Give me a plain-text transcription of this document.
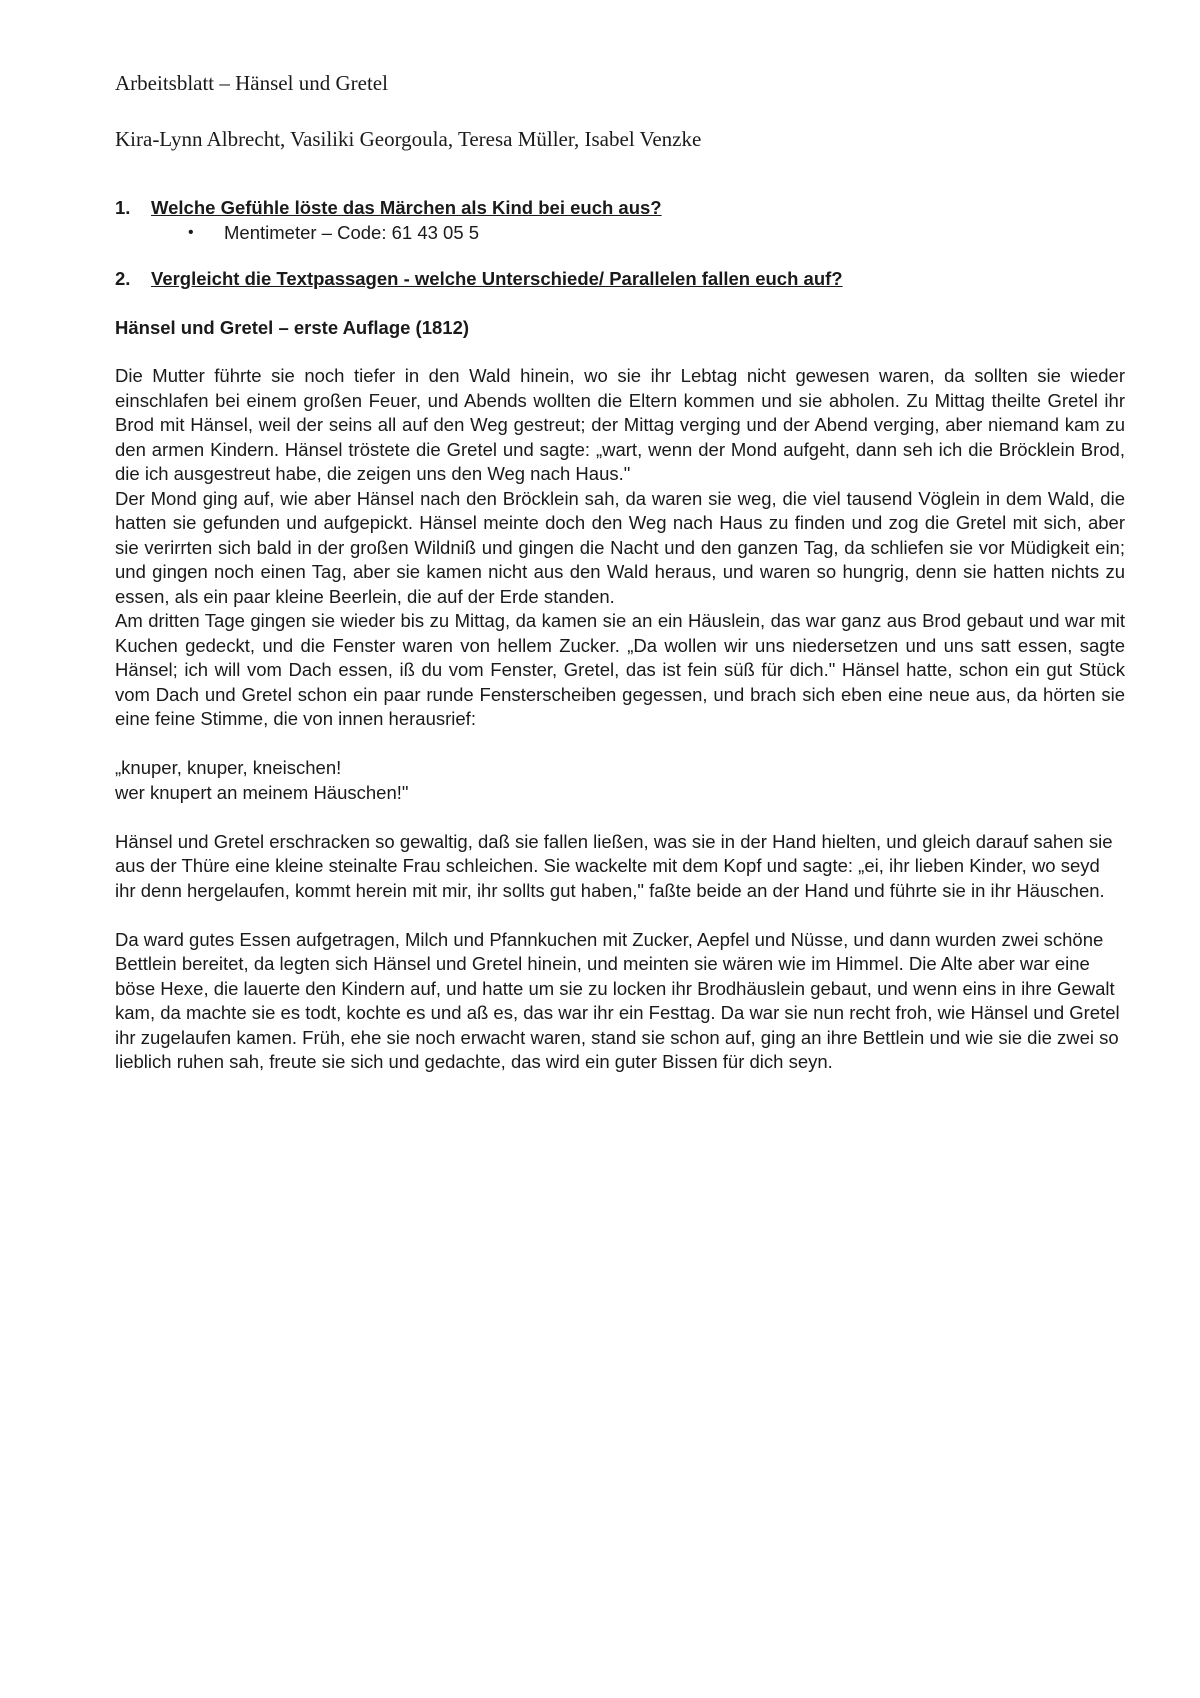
Arbeitsblatt – Hänsel und Gretel

Kira-Lynn Albrecht, Vasiliki Georgoula, Teresa Müller, Isabel Venzke

1.	Welche Gefühle löste das Märchen als Kind bei euch aus?
•	Mentimeter – Code: 61 43 05 5
2.	Vergleicht die Textpassagen - welche Unterschiede/ Parallelen fallen euch auf?

Hänsel und Gretel – erste Auflage (1812)

Die Mutter führte sie noch tiefer in den Wald hinein, wo sie ihr Lebtag nicht gewesen waren, da sollten sie wieder einschlafen bei einem großen Feuer, und Abends wollten die Eltern kommen und sie abholen. Zu Mittag theilte Gretel ihr Brod mit Hänsel, weil der seins all auf den Weg gestreut; der Mittag verging und der Abend verging, aber niemand kam zu den armen Kindern. Hänsel tröstete die Gretel und sagte: „wart, wenn der Mond aufgeht, dann seh ich die Bröcklein Brod, die ich ausgestreut habe, die zeigen uns den Weg nach Haus."

Der Mond ging auf, wie aber Hänsel nach den Bröcklein sah, da waren sie weg, die viel tausend Vöglein in dem Wald, die hatten sie gefunden und aufgepickt. Hänsel meinte doch den Weg nach Haus zu finden und zog die Gretel mit sich, aber sie verirrten sich bald in der großen Wildniß und gingen die Nacht und den ganzen Tag, da schliefen sie vor Müdigkeit ein; und gingen noch einen Tag, aber sie kamen nicht aus den Wald heraus, und waren so hungrig, denn sie hatten nichts zu essen, als ein paar kleine Beerlein, die auf der Erde standen.

Am dritten Tage gingen sie wieder bis zu Mittag, da kamen sie an ein Häuslein, das war ganz aus Brod gebaut und war mit Kuchen gedeckt, und die Fenster waren von hellem Zucker. „Da wollen wir uns niedersetzen und uns satt essen, sagte Hänsel; ich will vom Dach essen, iß du vom Fenster, Gretel, das ist fein süß für dich." Hänsel hatte, schon ein gut Stück vom Dach und Gretel schon ein paar runde Fensterscheiben gegessen, und brach sich eben eine neue aus, da hörten sie eine feine Stimme, die von innen herausrief:

„knuper, knuper, kneischen!

wer knupert an meinem Häuschen!"

Hänsel und Gretel erschracken so gewaltig, daß sie fallen ließen, was sie in der Hand hielten, und gleich darauf sahen sie aus der Thüre eine kleine steinalte Frau schleichen. Sie wackelte mit dem Kopf und sagte: „ei, ihr lieben Kinder, wo seyd ihr denn hergelaufen, kommt herein mit mir, ihr sollts gut haben," faßte beide an der Hand und führte sie in ihr Häuschen.

Da ward gutes Essen aufgetragen, Milch und Pfannkuchen mit Zucker, Aepfel und Nüsse, und dann wurden zwei schöne Bettlein bereitet, da legten sich Hänsel und Gretel hinein, und meinten sie wären wie im Himmel. Die Alte aber war eine böse Hexe, die lauerte den Kindern auf, und hatte um sie zu locken ihr Brodhäuslein gebaut, und wenn eins in ihre Gewalt kam, da machte sie es todt, kochte es und aß es, das war ihr ein Festtag. Da war sie nun recht froh, wie Hänsel und Gretel ihr zugelaufen kamen. Früh, ehe sie noch erwacht waren, stand sie schon auf, ging an ihre Bettlein und wie sie die zwei so lieblich ruhen sah, freute sie sich und gedachte, das wird ein guter Bissen für dich seyn.
